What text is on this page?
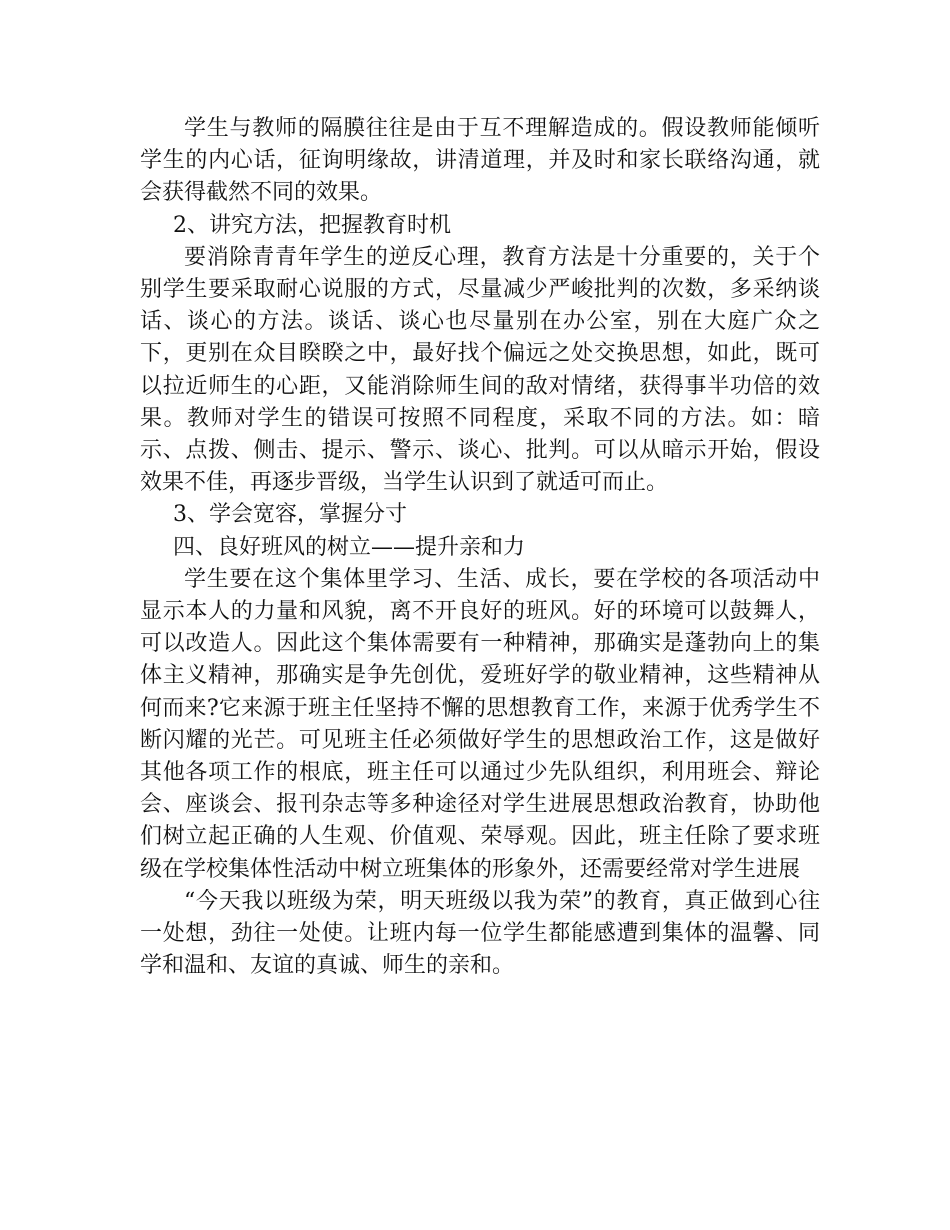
学生与教师的隔膜往往是由于互不理解造成的。假设教师能倾听学生的内心话，征询明缘故，讲清道理，并及时和家长联络沟通，就会获得截然不同的效果。

2、讲究方法，把握教育时机

要消除青青年学生的逆反心理，教育方法是十分重要的，关于个别学生要采取耐心说服的方式，尽量减少严峻批判的次数，多采纳谈话、谈心的方法。谈话、谈心也尽量别在办公室，别在大庭广众之下，更别在众目睽睽之中，最好找个偏远之处交换思想，如此，既可以拉近师生的心距，又能消除师生间的敌对情绪，获得事半功倍的效果。教师对学生的错误可按照不同程度，采取不同的方法。如：暗示、点拨、侧击、提示、警示、谈心、批判。可以从暗示开始，假设效果不佳，再逐步晋级，当学生认识到了就适可而止。

3、学会宽容，掌握分寸

四、良好班风的树立——提升亲和力

学生要在这个集体里学习、生活、成长，要在学校的各项活动中显示本人的力量和风貌，离不开良好的班风。好的环境可以鼓舞人，可以改造人。因此这个集体需要有一种精神，那确实是蓬勃向上的集体主义精神，那确实是争先创优，爱班好学的敬业精神，这些精神从何而来?它来源于班主任坚持不懈的思想教育工作，来源于优秀学生不断闪耀的光芒。可见班主任必须做好学生的思想政治工作，这是做好其他各项工作的根底，班主任可以通过少先队组织，利用班会、辩论会、座谈会、报刊杂志等多种途径对学生进展思想政治教育，协助他们树立起正确的人生观、价值观、荣辱观。因此，班主任除了要求班级在学校集体性活动中树立班集体的形象外，还需要经常对学生进展

“今天我以班级为荣，明天班级以我为荣”的教育，真正做到心往一处想，劲往一处使。让班内每一位学生都能感遭到集体的温馨、同学和温和、友谊的真诚、师生的亲和。
